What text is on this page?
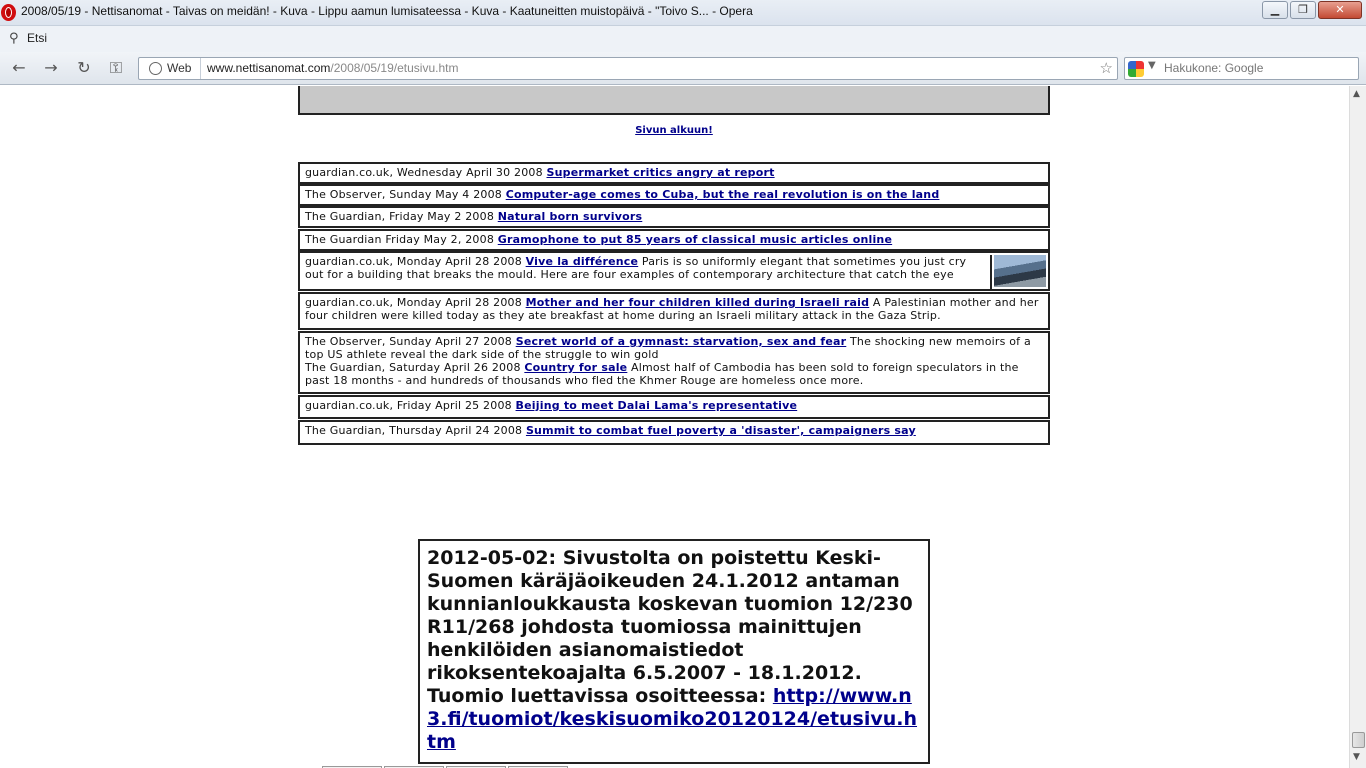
2008/05/19 - Nettisanomat - Taivas on meidän! - Kuva - Lippu aamun lumisateessa - Kuva - Kaatuneitten muistopäivä - "Toivo S... - Opera	▁	❐	✕
⚲ Etsi
← → ↻	⚿	Web	www.nettisanomat.com/2008/05/19/etusivu.htm	☆	▼ Hakukone: Google
Sivun alkuun!
guardian.co.uk, Wednesday April 30 2008 Supermarket critics angry at report
The Observer, Sunday May 4 2008 Computer-age comes to Cuba, but the real revolution is on the land
The Guardian, Friday May 2 2008 Natural born survivors
The Guardian Friday May 2, 2008 Gramophone to put 85 years of classical music articles online
guardian.co.uk, Monday April 28 2008 Vive la différence Paris is so uniformly elegant that sometimes you just cry out for a building that breaks the mould. Here are four examples of contemporary architecture that catch the eye
guardian.co.uk, Monday April 28 2008 Mother and her four children killed during Israeli raid A Palestinian mother and her four children were killed today as they ate breakfast at home during an Israeli military attack in the Gaza Strip.
The Observer, Sunday April 27 2008 Secret world of a gymnast: starvation, sex and fear The shocking new memoirs of a top US athlete reveal the dark side of the struggle to win gold
The Guardian, Saturday April 26 2008 Country for sale Almost half of Cambodia has been sold to foreign speculators in the past 18 months - and hundreds of thousands who fled the Khmer Rouge are homeless once more.
guardian.co.uk, Friday April 25 2008 Beijing to meet Dalai Lama's representative
The Guardian, Thursday April 24 2008 Summit to combat fuel poverty a 'disaster', campaigners say
2012-05-02: Sivustolta on poistettu Keski-Suomen käräjäoikeuden 24.1.2012 antaman kunnianloukkausta koskevan tuomion 12/230 R11/268 johdosta tuomiossa mainittujen henkilöiden asianomaistiedot rikoksentekoajalta 6.5.2007 - 18.1.2012. Tuomio luettavissa osoitteessa: http://www.n3.fi/tuomiot/keskisuomiko20120124/etusivu.htm
▲
▼
